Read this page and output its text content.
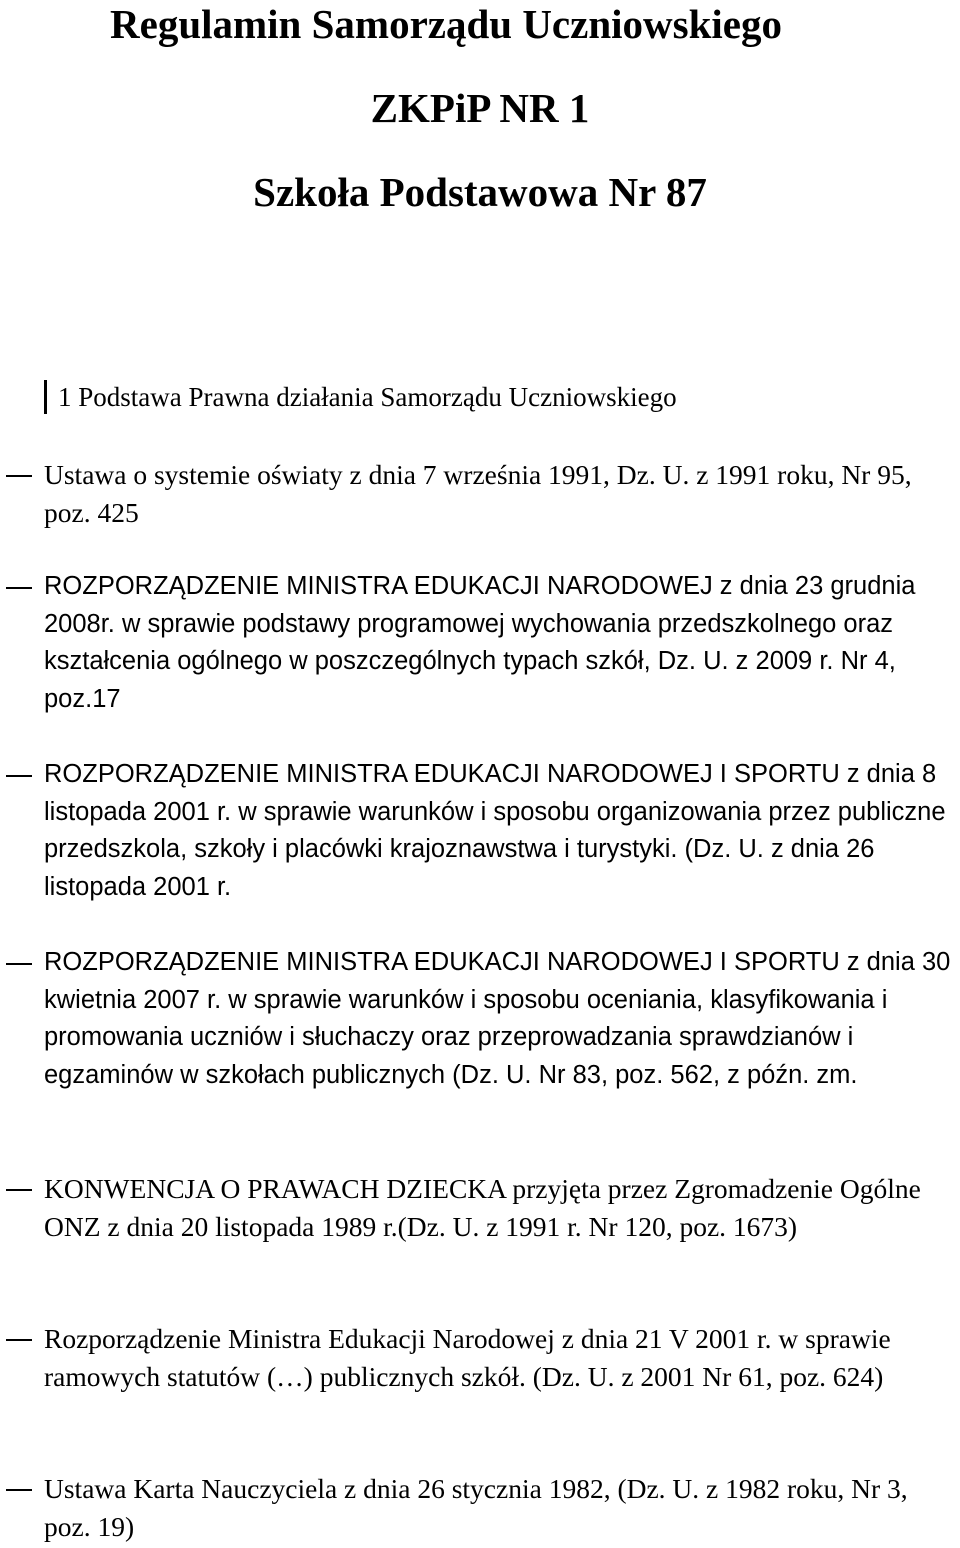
Regulamin Samorządu Uczniowskiego
ZKPiP NR 1
Szkoła Podstawowa Nr 87
1 Podstawa Prawna działania Samorządu Uczniowskiego
Ustawa o systemie oświaty z dnia 7 września 1991, Dz. U. z 1991 roku, Nr 95, poz. 425
ROZPORZĄDZENIE MINISTRA EDUKACJI NARODOWEJ z dnia 23 grudnia 2008r. w sprawie podstawy programowej wychowania przedszkolnego oraz kształcenia ogólnego w poszczególnych typach szkół, Dz. U. z 2009 r. Nr 4, poz.17
ROZPORZĄDZENIE MINISTRA EDUKACJI NARODOWEJ I SPORTU z dnia 8 listopada 2001 r. w sprawie warunków i sposobu organizowania przez publiczne przedszkola, szkoły i placówki krajoznawstwa i turystyki. (Dz. U. z dnia 26 listopada 2001 r.
ROZPORZĄDZENIE MINISTRA EDUKACJI NARODOWEJ I SPORTU z dnia 30 kwietnia 2007 r. w sprawie warunków i sposobu oceniania, klasyfikowania i promowania uczniów i słuchaczy oraz przeprowadzania sprawdzianów i egzaminów w szkołach publicznych (Dz. U. Nr 83, poz. 562, z późn. zm.
KONWENCJA O PRAWACH DZIECKA przyjęta przez Zgromadzenie Ogólne ONZ z dnia 20 listopada 1989 r.(Dz. U. z 1991 r. Nr 120, poz. 1673)
Rozporządzenie Ministra Edukacji Narodowej z dnia 21 V 2001 r. w sprawie ramowych statutów (…) publicznych szkół. (Dz. U. z 2001 Nr 61, poz. 624)
Ustawa Karta Nauczyciela z dnia 26 stycznia 1982, (Dz. U. z 1982 roku, Nr 3, poz. 19)
